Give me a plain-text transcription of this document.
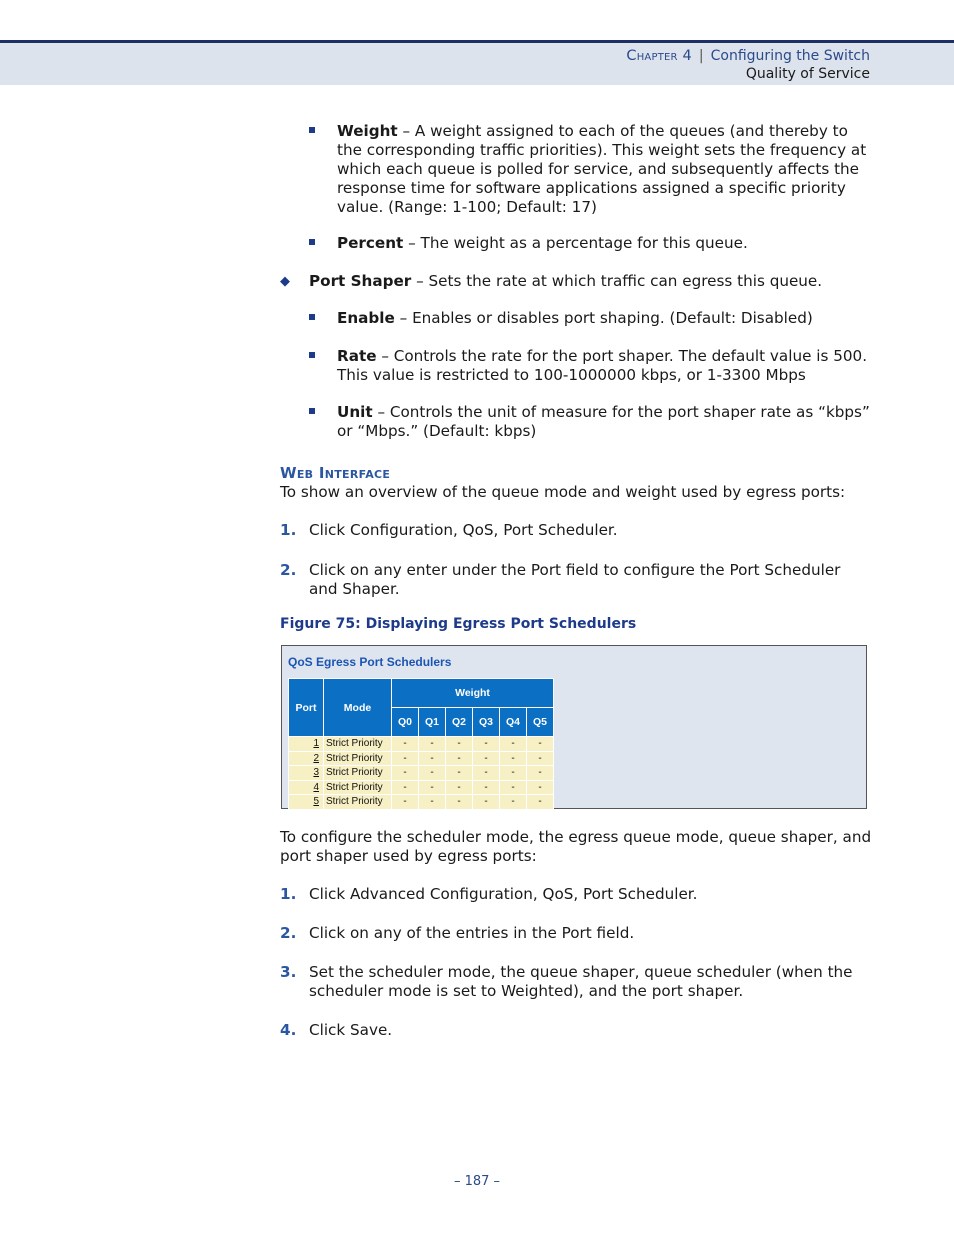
Chapter 4 | Configuring the Switch
Quality of Service
Weight – A weight assigned to each of the queues (and thereby to the corresponding traffic priorities). This weight sets the frequency at which each queue is polled for service, and subsequently affects the response time for software applications assigned a specific priority value. (Range: 1-100; Default: 17)
Percent – The weight as a percentage for this queue.
◆ Port Shaper – Sets the rate at which traffic can egress this queue.
Enable – Enables or disables port shaping. (Default: Disabled)
Rate – Controls the rate for the port shaper. The default value is 500. This value is restricted to 100-1000000 kbps, or 1-3300 Mbps
Unit – Controls the unit of measure for the port shaper rate as “kbps” or “Mbps.” (Default: kbps)
Web Interface
To show an overview of the queue mode and weight used by egress ports:
1. Click Configuration, QoS, Port Scheduler.
2. Click on any enter under the Port field to configure the Port Scheduler and Shaper.
Figure 75: Displaying Egress Port Schedulers
QoS Egress Port Schedulers
Port	Mode	Weight					
		Q0	Q1	Q2	Q3	Q4	Q5
1	Strict Priority	-	-	-	-	-	-
2	Strict Priority	-	-	-	-	-	-
3	Strict Priority	-	-	-	-	-	-
4	Strict Priority	-	-	-	-	-	-
5	Strict Priority	-	-	-	-	-	-
To configure the scheduler mode, the egress queue mode, queue shaper, and port shaper used by egress ports:
1. Click Advanced Configuration, QoS, Port Scheduler.
2. Click on any of the entries in the Port field.
3. Set the scheduler mode, the queue shaper, queue scheduler (when the scheduler mode is set to Weighted), and the port shaper.
4. Click Save.
– 187 –
